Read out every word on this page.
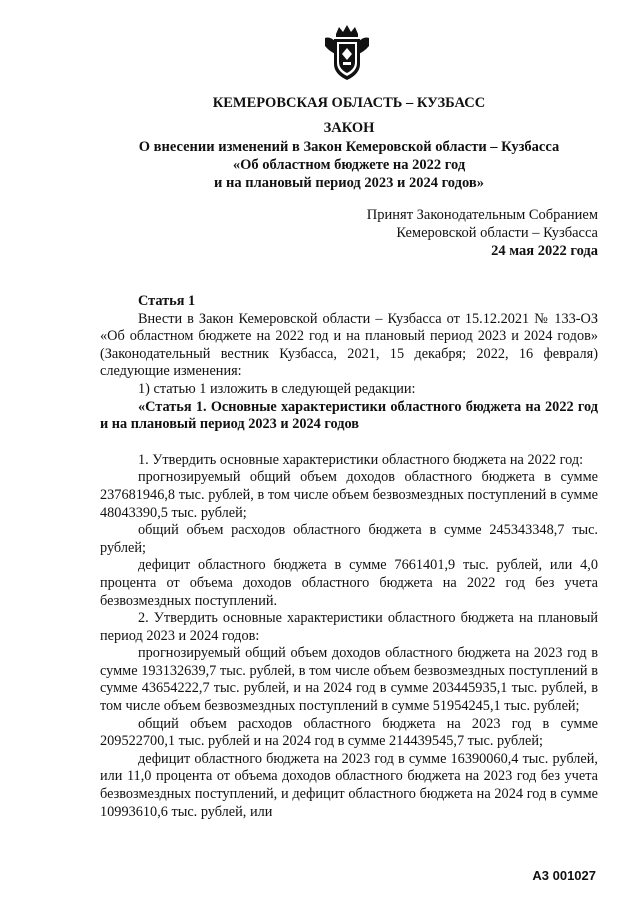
КЕМЕРОВСКАЯ ОБЛАСТЬ – КУЗБАСС
ЗАКОН
О внесении изменений в Закон Кемеровской области – Кузбасса
«Об областном бюджете на 2022 год
и на плановый период 2023 и 2024 годов»
Принят Законодательным Собранием
Кемеровской области – Кузбасса
24 мая 2022 года

Статья 1

Внести в Закон Кемеровской области – Кузбасса от 15.12.2021 № 133-ОЗ «Об областном бюджете на 2022 год и на плановый период 2023 и 2024 годов» (Законодательный вестник Кузбасса, 2021, 15 декабря; 2022, 16 февраля) следующие изменения:

1) статью 1 изложить в следующей редакции:

«Статья 1. Основные характеристики областного бюджета на 2022 год и на плановый период 2023 и 2024 годов

1. Утвердить основные характеристики областного бюджета на 2022 год:

прогнозируемый общий объем доходов областного бюджета в сумме 237681946,8 тыс. рублей, в том числе объем безвозмездных поступлений в сумме 48043390,5 тыс. рублей;

общий объем расходов областного бюджета в сумме 245343348,7 тыс. рублей;

дефицит областного бюджета в сумме 7661401,9 тыс. рублей, или 4,0 процента от объема доходов областного бюджета на 2022 год без учета безвозмездных поступлений.

2. Утвердить основные характеристики областного бюджета на плановый период 2023 и 2024 годов:

прогнозируемый общий объем доходов областного бюджета на 2023 год в сумме 193132639,7 тыс. рублей, в том числе объем безвозмездных поступлений в сумме 43654222,7 тыс. рублей, и на 2024 год в сумме 203445935,1 тыс. рублей, в том числе объем безвозмездных поступлений в сумме 51954245,1 тыс. рублей;

общий объем расходов областного бюджета на 2023 год в сумме 209522700,1 тыс. рублей и на 2024 год в сумме 214439545,7 тыс. рублей;

дефицит областного бюджета на 2023 год в сумме 16390060,4 тыс. рублей, или 11,0 процента от объема доходов областного бюджета на 2023 год без учета безвозмездных поступлений, и дефицит областного бюджета на 2024 год в сумме 10993610,6 тыс. рублей, или

А3 001027
